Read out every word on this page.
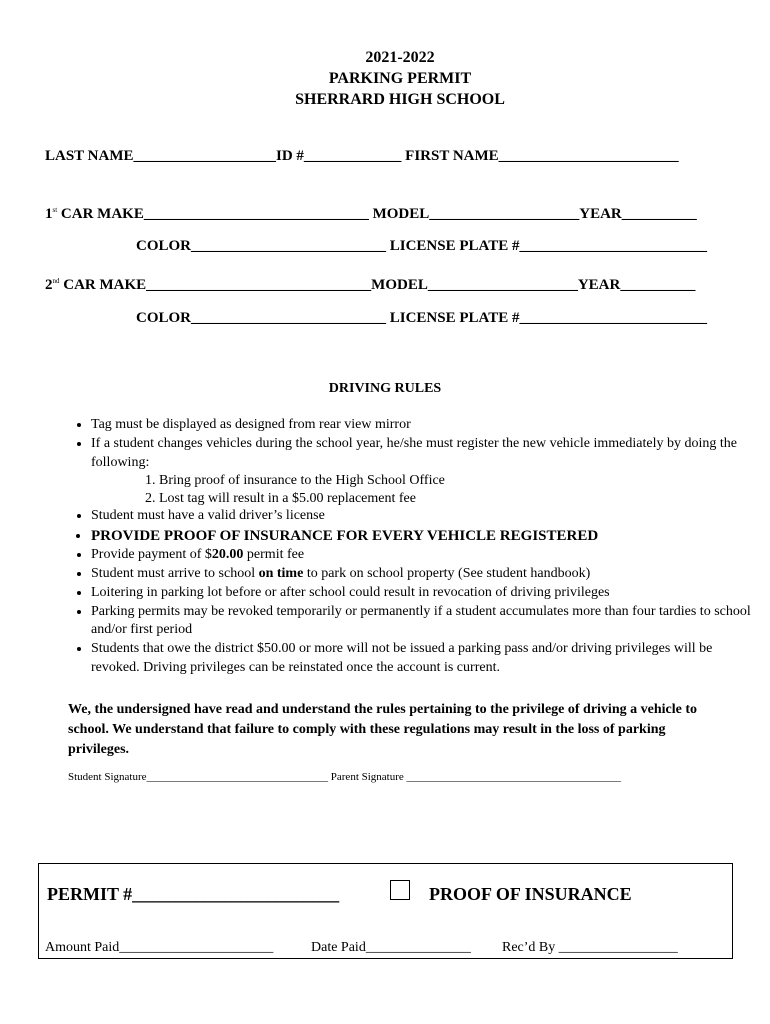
2021-2022
PARKING PERMIT
SHERRARD HIGH SCHOOL
LAST NAME___________________ID #_____________ FIRST NAME________________________
1st CAR MAKE______________________________ MODEL____________________YEAR__________
COLOR__________________________ LICENSE PLATE #_________________________
2nd CAR MAKE______________________________MODEL____________________YEAR__________
COLOR__________________________ LICENSE PLATE #_________________________
DRIVING RULES
• Tag must be displayed as designed from rear view mirror
• If a student changes vehicles during the school year, he/she must register the new vehicle immediately by doing the following:
1. Bring proof of insurance to the High School Office
2. Lost tag will result in a $5.00 replacement fee
• Student must have a valid driver’s license
• PROVIDE PROOF OF INSURANCE FOR EVERY VEHICLE REGISTERED
• Provide payment of $20.00 permit fee
• Student must arrive to school on time to park on school property (See student handbook)
• Loitering in parking lot before or after school could result in revocation of driving privileges
• Parking permits may be revoked temporarily or permanently if a student accumulates more than four tardies to school and/or first period
• Students that owe the district $50.00 or more will not be issued a parking pass and/or driving privileges will be revoked. Driving privileges can be reinstated once the account is current.
We, the undersigned have read and understand the rules pertaining to the privilege of driving a vehicle to school. We understand that failure to comply with these regulations may result in the loss of parking privileges.
Student Signature_________________________________ Parent Signature _______________________________________
PERMIT #_______________________	PROOF OF INSURANCE
Amount Paid______________________	Date Paid_______________ Rec’d By _________________
